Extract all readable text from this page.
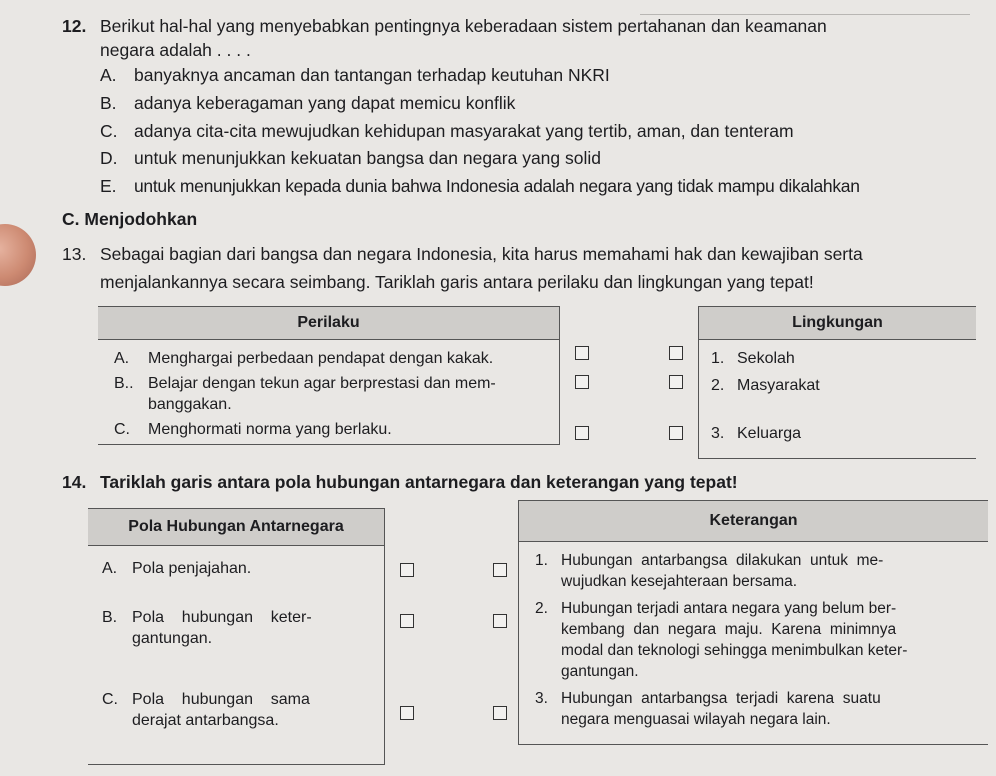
12. Berikut hal-hal yang menyebabkan pentingnya keberadaan sistem pertahanan dan keamanan
negara adalah . . . .
A. banyaknya ancaman dan tantangan terhadap keutuhan NKRI
B. adanya keberagaman yang dapat memicu konflik
C. adanya cita-cita mewujudkan kehidupan masyarakat yang tertib, aman, dan tenteram
D. untuk menunjukkan kekuatan bangsa dan negara yang solid
E. untuk menunjukkan kepada dunia bahwa Indonesia adalah negara yang tidak mampu dikalahkan
C. Menjodohkan
13. Sebagai bagian dari bangsa dan negara Indonesia, kita harus memahami hak dan kewajiban serta
menjalankannya secara seimbang. Tariklah garis antara perilaku dan lingkungan yang tepat!
Perilaku

A. Menghargai perbedaan pendapat dengan kakak.
B.. Belajar dengan tekun agar berprestasi dan mem-
banggakan.
C. Menghormati norma yang berlaku.
Lingkungan

1. Sekolah
2. Masyarakat
3. Keluarga
14. Tariklah garis antara pola hubungan antarnegara dan keterangan yang tepat!
Pola Hubungan Antarnegara

A. Pola penjajahan.
B. Pola    hubungan    keter-
gantungan.
C. Pola    hubungan    sama
derajat antarbangsa.
Keterangan

1. Hubungan  antarbangsa  dilakukan  untuk  me-
wujudkan kesejahteraan bersama.
2. Hubungan terjadi antara negara yang belum ber-
kembang  dan  negara  maju.  Karena  minimnya
modal dan teknologi sehingga menimbulkan keter-
gantungan.
3. Hubungan  antarbangsa  terjadi  karena  suatu
negara menguasai wilayah negara lain.
